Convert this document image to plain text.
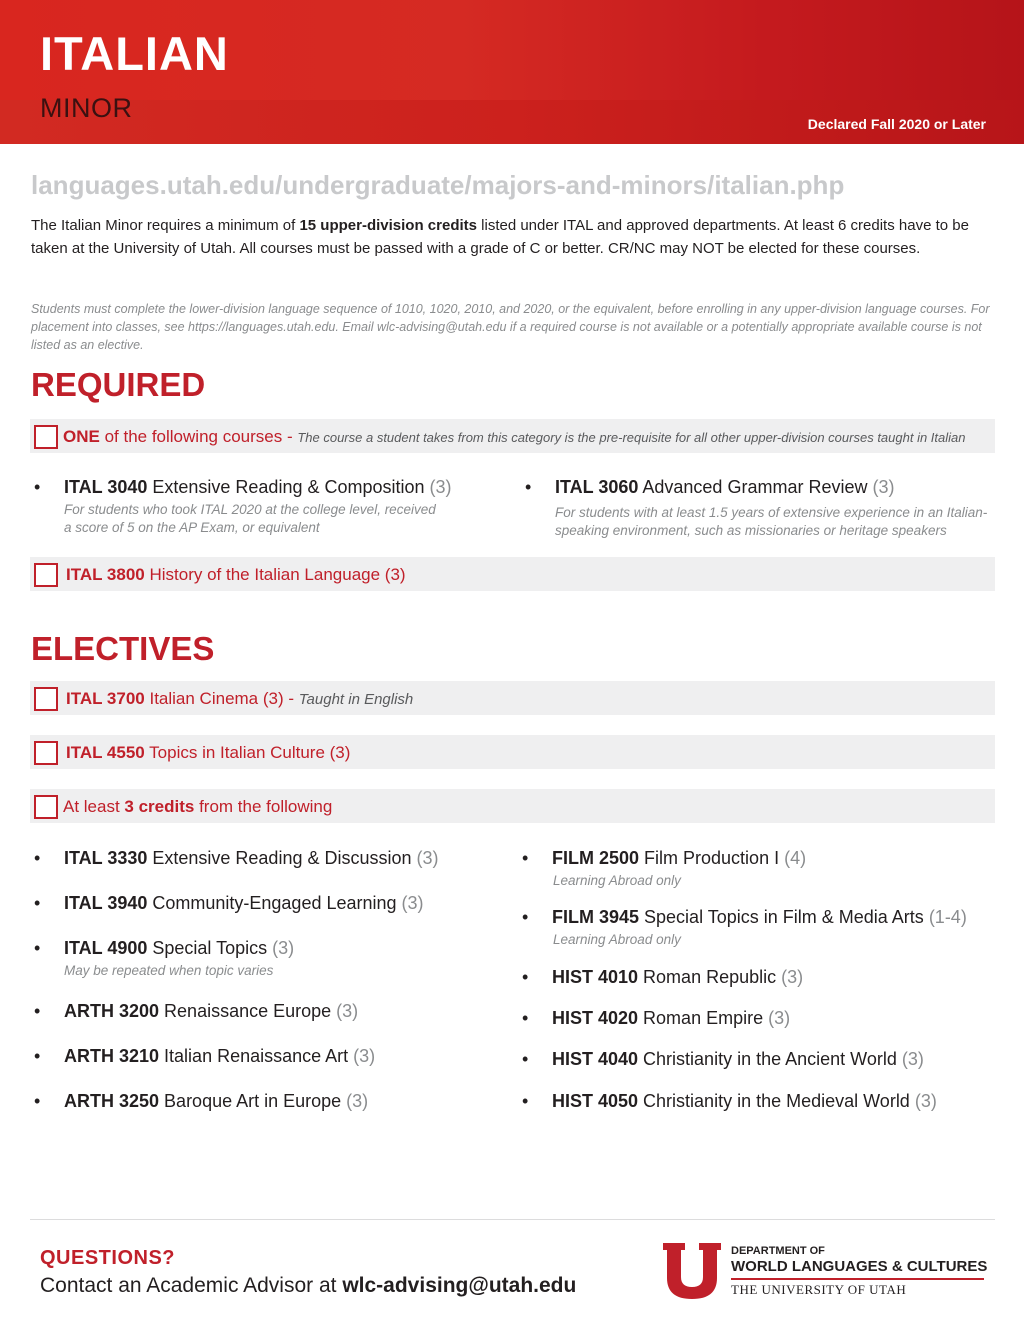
ITALIAN
MINOR
Declared Fall 2020 or Later
languages.utah.edu/undergraduate/majors-and-minors/italian.php
The Italian Minor requires a minimum of 15 upper-division credits listed under ITAL and approved departments. At least 6 credits have to be taken at the University of Utah. All courses must be passed with a grade of C or better. CR/NC may NOT be elected for these courses.
Students must complete the lower-division language sequence of 1010, 1020, 2010, and 2020, or the equivalent, before enrolling in any upper-division language courses. For placement into classes, see https://languages.utah.edu. Email wlc-advising@utah.edu if a required course is not available or a potentially appropriate available course is not listed as an elective.
REQUIRED
ONE of the following courses - The course a student takes from this category is the pre-requisite for all other upper-division courses taught in Italian
• ITAL 3040 Extensive Reading & Composition (3)
For students who took ITAL 2020 at the college level, received
a score of 5 on the AP Exam, or equivalent
• ITAL 3060 Advanced Grammar Review (3)
For students with at least 1.5 years of extensive experience in an Italian-
speaking environment, such as missionaries or heritage speakers
ITAL 3800 History of the Italian Language (3)
ELECTIVES
ITAL 3700 Italian Cinema (3) - Taught in English
ITAL 4550 Topics in Italian Culture (3)
At least 3 credits from the following
• ITAL 3330 Extensive Reading & Discussion (3)
• ITAL 3940 Community-Engaged Learning (3)
• ITAL 4900 Special Topics (3)
May be repeated when topic varies
• ARTH 3200 Renaissance Europe (3)
• ARTH 3210 Italian Renaissance Art (3)
• ARTH 3250 Baroque Art in Europe (3)
• FILM 2500 Film Production I (4)
Learning Abroad only
• FILM 3945 Special Topics in Film & Media Arts (1-4)
Learning Abroad only
• HIST 4010 Roman Republic (3)
• HIST 4020 Roman Empire (3)
• HIST 4040 Christianity in the Ancient World (3)
• HIST 4050 Christianity in the Medieval World (3)
QUESTIONS?
Contact an Academic Advisor at wlc-advising@utah.edu
DEPARTMENT OF
WORLD LANGUAGES & CULTURES
THE UNIVERSITY OF UTAH
